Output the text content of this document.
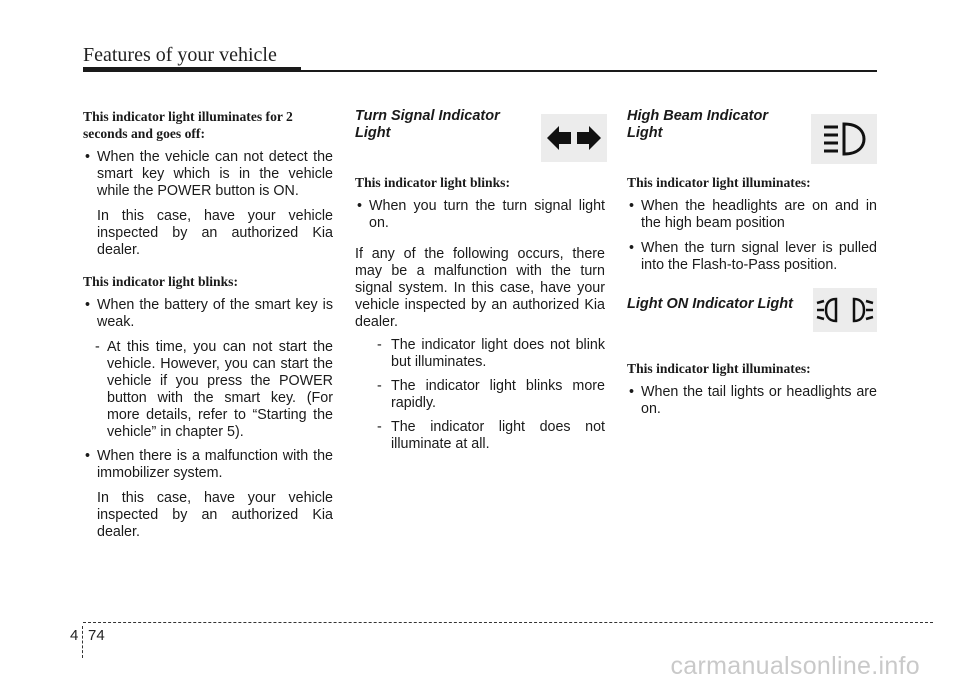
Features of your vehicle

This indicator light illuminates for 2 seconds and goes off:

• When the vehicle can not detect the smart key which is in the vehicle while the POWER button is ON.
In this case, have your vehicle inspected by an authorized Kia dealer.

This indicator light blinks:

• When the battery of the smart key is weak.
- At this time, you can not start the vehicle. However, you can start the vehicle if you press the POWER button with the smart key. (For more details, refer to “Starting the vehicle” in chapter 5).
• When there is a malfunction with the immobilizer system.
In this case, have your vehicle inspected by an authorized Kia dealer.

Turn Signal Indicator Light

This indicator light blinks:

• When you turn the turn signal light on.

If any of the following occurs, there may be a malfunction with the turn signal system. In this case, have your vehicle inspected by an authorized Kia dealer.

- The indicator light does not blink but illuminates.
- The indicator light blinks more rapidly.
- The indicator light does not illuminate at all.

High Beam Indicator Light

This indicator light illuminates:

• When the headlights are on and in the high beam position
• When the turn signal lever is pulled into the Flash-to-Pass position.

Light ON Indicator Light

This indicator light illuminates:

• When the tail lights or headlights are on.
4 74
carmanualsonline.info
